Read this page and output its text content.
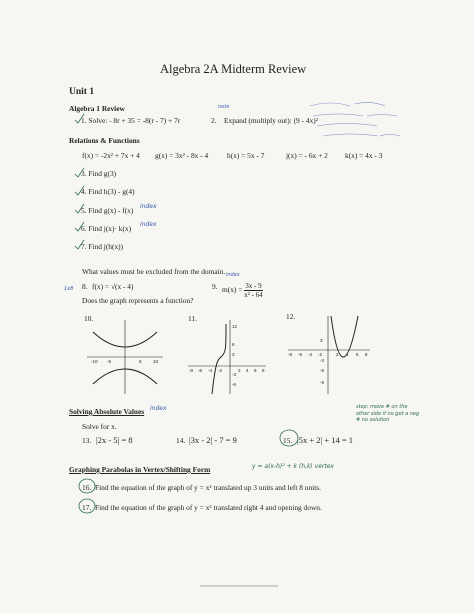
Algebra 2A Midterm Review
Unit 1
Algebra 1 Review
1. Solve: - 8r + 35 = -8(r - 7) + 7r	2. Expand (multiply out): (9 - 4x)²
note
Relations & Functions
f(x) = -2x² + 7x + 4 g(x) = 3x² - 8x - 4	h(x) = 5x - 7	j(x) = - 6x + 2 k(x) = 4x - 3
3. Find g(3)
4. Find h(3) - g(4)
5. Find g(x) - f(x) index
6. Find j(x)· k(x) index
7. Find j(h(x))
What values must be excluded from the domain.
8. f(x) = √(x - 4)
1x8	9. $m(x) = \frac{3x - 9}{\text{x² - 64}}$
index
Does the graph represents a function?
10.
-10 -5	5	10
11.
12
6
3
-3
-6
-8 -6 -4 -2	2 4 6 8
12.
3
-3
-6
-9
-8 -6 -4 -2	2 4 6 8
Solving Absolute Values index
Solve for x.
13. |2x - 5| = 8	14. |3x - 2| - 7 = 9	15. |5x + 2| + 14 = 1
step: move # on the other side if no get a neg # no solution
Graphing Parabolas in Vertex/Shifting Form	y = a(x-h)² + k (h,k) vertex
16. Find the equation of the graph of y = x² translated up 3 units and left 8 units.
17. Find the equation of the graph of y = x² translated right 4 and opening down.
